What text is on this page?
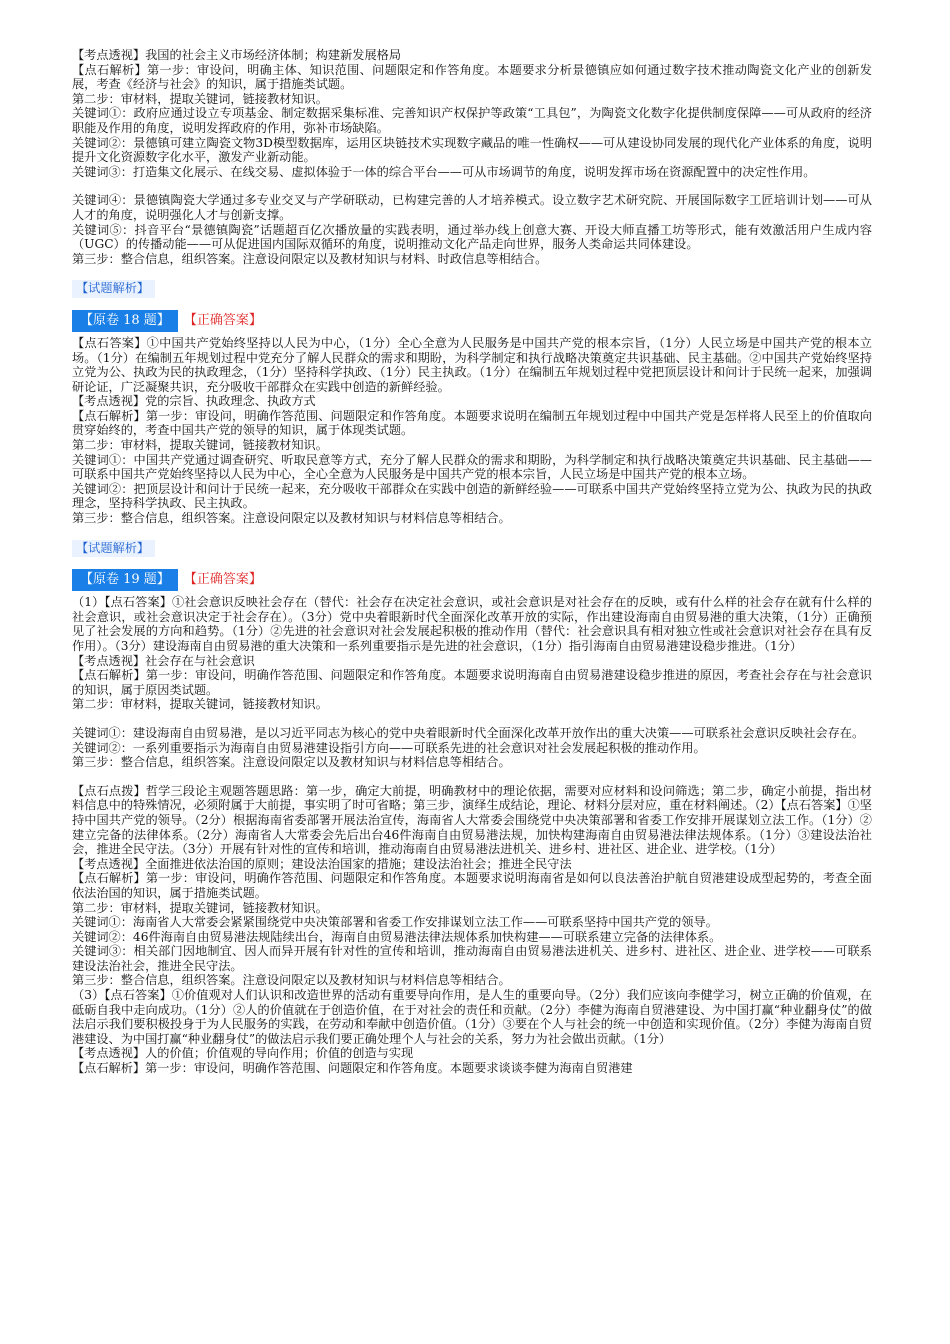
【考点透视】我国的社会主义市场经济体制；构建新发展格局

【点石解析】第一步：审设问，明确主体、知识范围、问题限定和作答角度。本题要求分析景德镇应如何通过数字技术推动陶瓷文化产业的创新发展，考查《经济与社会》的知识，属于措施类试题。

第二步：审材料，提取关键词，链接教材知识。

关键词①：政府应通过设立专项基金、制定数据采集标准、完善知识产权保护等政策“工具包”，为陶瓷文化数字化提供制度保障——可从政府的经济职能及作用的角度，说明发挥政府的作用，弥补市场缺陷。

关键词②：景德镇可建立陶瓷文物3D模型数据库，运用区块链技术实现数字藏品的唯一性确权——可从建设协同发展的现代化产业体系的角度，说明提升文化资源数字化水平，激发产业新动能。

关键词③：打造集文化展示、在线交易、虚拟体验于一体的综合平台——可从市场调节的角度，说明发挥市场在资源配置中的决定性作用。

关键词④：景德镇陶瓷大学通过多专业交叉与产学研联动，已构建完善的人才培养模式。设立数字艺术研究院、开展国际数字工匠培训计划——可从人才的角度，说明强化人才与创新支撑。

关键词⑤：抖音平台“景德镇陶瓷”话题超百亿次播放量的实践表明，通过举办线上创意大赛、开设大师直播工坊等形式，能有效激活用户生成内容（UGC）的传播动能——可从促进国内国际双循环的角度，说明推动文化产品走向世界，服务人类命运共同体建设。

第三步：整合信息，组织答案。注意设问限定以及教材知识与材料、时政信息等相结合。

【试题解析】
【原卷 18 题】	【正确答案】

【点石答案】①中国共产党始终坚持以人民为中心，（1分）全心全意为人民服务是中国共产党的根本宗旨，（1分）人民立场是中国共产党的根本立场。（1分）在编制五年规划过程中党充分了解人民群众的需求和期盼，为科学制定和执行战略决策奠定共识基础、民主基础。②中国共产党始终坚持立党为公、执政为民的执政理念，（1分）坚持科学执政、（1分）民主执政。（1分）在编制五年规划过程中党把顶层设计和问计于民统一起来，加强调研论证，广泛凝聚共识，充分吸收干部群众在实践中创造的新鲜经验。

【考点透视】党的宗旨、执政理念、执政方式

【点石解析】第一步：审设问，明确作答范围、问题限定和作答角度。本题要求说明在编制五年规划过程中中国共产党是怎样将人民至上的价值取向贯穿始终的，考查中国共产党的领导的知识，属于体现类试题。

第二步：审材料，提取关键词，链接教材知识。

关键词①：中国共产党通过调查研究、听取民意等方式，充分了解人民群众的需求和期盼，为科学制定和执行战略决策奠定共识基础、民主基础——可联系中国共产党始终坚持以人民为中心，全心全意为人民服务是中国共产党的根本宗旨，人民立场是中国共产党的根本立场。

关键词②：把顶层设计和问计于民统一起来，充分吸收干部群众在实践中创造的新鲜经验——可联系中国共产党始终坚持立党为公、执政为民的执政理念，坚持科学执政、民主执政。

第三步：整合信息，组织答案。注意设问限定以及教材知识与材料信息等相结合。

【试题解析】
【原卷 19 题】	【正确答案】

（1）【点石答案】①社会意识反映社会存在（替代：社会存在决定社会意识，或社会意识是对社会存在的反映，或有什么样的社会存在就有什么样的社会意识，或社会意识决定于社会存在）。（3分）党中央着眼新时代全面深化改革开放的实际，作出建设海南自由贸易港的重大决策，（1分）正确预见了社会发展的方向和趋势。（1分）②先进的社会意识对社会发展起积极的推动作用（替代：社会意识具有相对独立性或社会意识对社会存在具有反作用）。（3分）建设海南自由贸易港的重大决策和一系列重要指示是先进的社会意识，（1分）指引海南自由贸易港建设稳步推进。（1分）

【考点透视】社会存在与社会意识

【点石解析】第一步：审设问，明确作答范围、问题限定和作答角度。本题要求说明海南自由贸易港建设稳步推进的原因，考查社会存在与社会意识的知识，属于原因类试题。

第二步：审材料，提取关键词，链接教材知识。

关键词①：建设海南自由贸易港，是以习近平同志为核心的党中央着眼新时代全面深化改革开放作出的重大决策——可联系社会意识反映社会存在。

关键词②：一系列重要指示为海南自由贸易港建设指引方向——可联系先进的社会意识对社会发展起积极的推动作用。

第三步：整合信息，组织答案。注意设问限定以及教材知识与材料信息等相结合。

【点石点拨】哲学三段论主观题答题思路：第一步，确定大前提，明确教材中的理论依据，需要对应材料和设问筛选；第二步，确定小前提，指出材料信息中的特殊情况，必须附属于大前提，事实明了时可省略；第三步，演绎生成结论，理论、材料分层对应，重在材料阐述。（2）【点石答案】①坚持中国共产党的领导。（2分）根据海南省委部署开展法治宣传，海南省人大常委会围绕党中央决策部署和省委工作安排开展谋划立法工作。（1分）②建立完备的法律体系。（2分）海南省人大常委会先后出台46件海南自由贸易港法规，加快构建海南自由贸易港法律法规体系。（1分）③建设法治社会，推进全民守法。（3分）开展有针对性的宣传和培训，推动海南自由贸易港法进机关、进乡村、进社区、进企业、进学校。（1分）

【考点透视】全面推进依法治国的原则；建设法治国家的措施；建设法治社会；推进全民守法

【点石解析】第一步：审设问，明确作答范围、问题限定和作答角度。本题要求说明海南省是如何以良法善治护航自贸港建设成型起势的，考查全面依法治国的知识，属于措施类试题。

第二步：审材料，提取关键词，链接教材知识。

关键词①：海南省人大常委会紧紧围绕党中央决策部署和省委工作安排谋划立法工作——可联系坚持中国共产党的领导。

关键词②：46件海南自由贸易港法规陆续出台，海南自由贸易港法律法规体系加快构建——可联系建立完备的法律体系。

关键词③：相关部门因地制宜、因人而异开展有针对性的宣传和培训，推动海南自由贸易港法进机关、进乡村、进社区、进企业、进学校——可联系建设法治社会，推进全民守法。

第三步：整合信息，组织答案。注意设问限定以及教材知识与材料信息等相结合。

（3）【点石答案】①价值观对人们认识和改造世界的活动有重要导向作用，是人生的重要向导。（2分）我们应该向李健学习，树立正确的价值观，在砥砺自我中走向成功。（1分）②人的价值就在于创造价值，在于对社会的责任和贡献。（2分）李健为海南自贸港建设、为中国打赢“种业翻身仗”的做法启示我们要积极投身于为人民服务的实践，在劳动和奉献中创造价值。（1分）③要在个人与社会的统一中创造和实现价值。（2分）李健为海南自贸港建设、为中国打赢“种业翻身仗”的做法启示我们要正确处理个人与社会的关系，努力为社会做出贡献。（1分）

【考点透视】人的价值；价值观的导向作用；价值的创造与实现

【点石解析】第一步：审设问，明确作答范围、问题限定和作答角度。本题要求谈谈李健为海南自贸港建
